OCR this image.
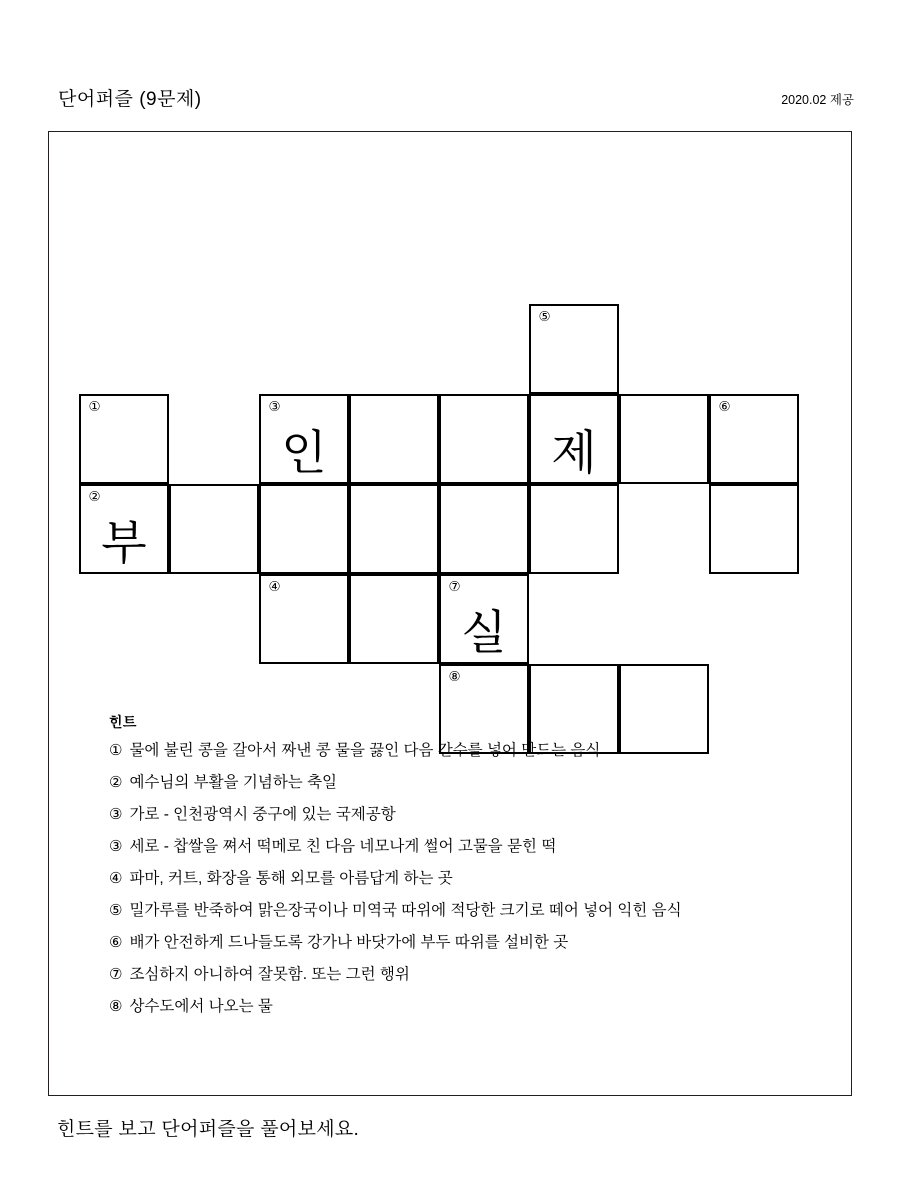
단어퍼즐 (9문제)	2020.02 제공
⑤
①	③
인	제
⑥
②
부
④	⑦
실
⑧
힌트
① 물에 불린 콩을 갈아서 짜낸 콩 물을 끓인 다음 간수를 넣어 만드는 음식
② 예수님의 부활을 기념하는 축일
③ 가로 - 인천광역시 중구에 있는 국제공항
③ 세로 - 찹쌀을 쪄서 떡메로 친 다음 네모나게 썰어 고물을 묻힌 떡
④ 파마, 커트, 화장을 통해 외모를 아름답게 하는 곳
⑤ 밀가루를 반죽하여 맑은장국이나 미역국 따위에 적당한 크기로 떼어 넣어 익힌 음식
⑥ 배가 안전하게 드나들도록 강가나 바닷가에 부두 따위를 설비한 곳
⑦ 조심하지 아니하여 잘못함. 또는 그런 행위
⑧ 상수도에서 나오는 물
힌트를 보고 단어퍼즐을 풀어보세요.
